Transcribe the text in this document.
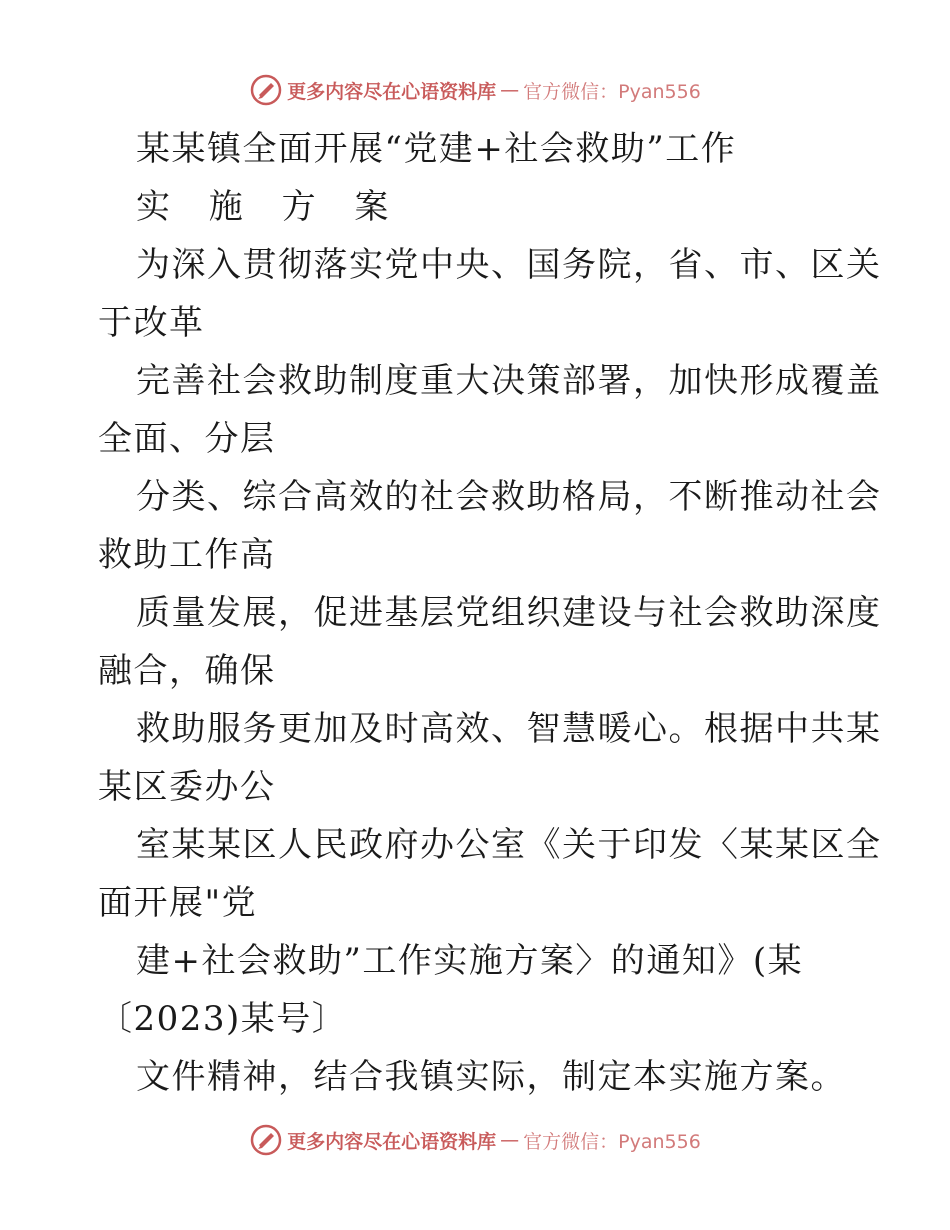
更多内容尽在心语资料库 — 官方微信：Pyan556
某某镇全面开展“党建+社会救助”工作
实 施 方 案
为深入贯彻落实党中央、国务院，省、市、区关
于改革
完善社会救助制度重大决策部署，加快形成覆盖
全面、分层
分类、综合高效的社会救助格局，不断推动社会
救助工作高
质量发展，促进基层党组织建设与社会救助深度
融合，确保
救助服务更加及时高效、智慧暖心。根据中共某
某区委办公
室某某区人民政府办公室《关于印发〈某某区全
面开展"党
建+社会救助”工作实施方案〉的通知》(某
〔2023)某号〕
文件精神，结合我镇实际，制定本实施方案。
更多内容尽在心语资料库 — 官方微信：Pyan556
